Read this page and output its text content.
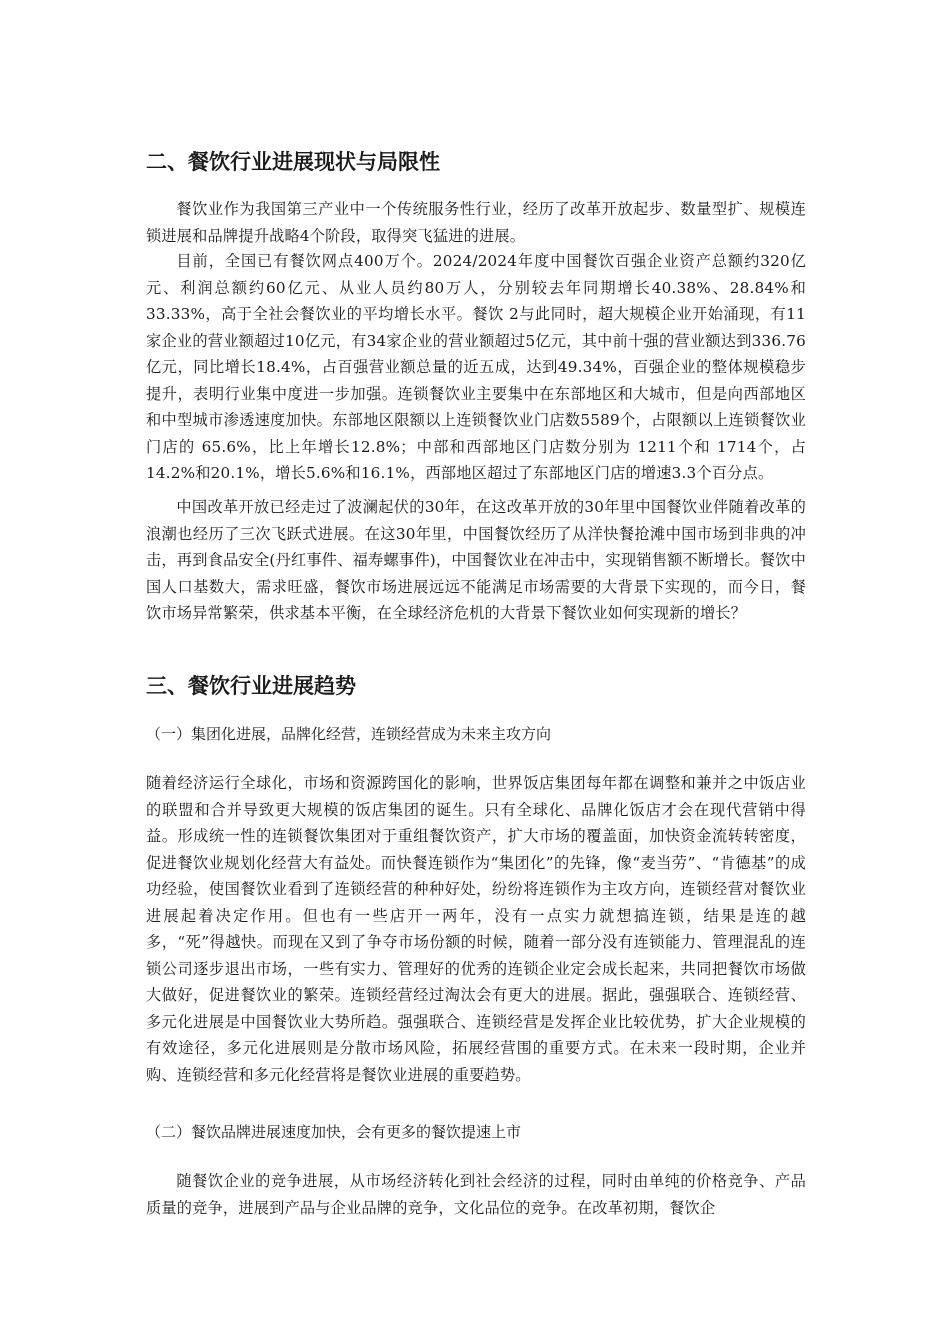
二、餐饮行业进展现状与局限性

餐饮业作为我国第三产业中一个传统服务性行业，经历了改革开放起步、数量型扩、规模连锁进展和品牌提升战略4个阶段，取得突飞猛进的进展。

目前，全国已有餐饮网点400万个。2024/2024年度中国餐饮百强企业资产总额约320亿元、利润总额约60亿元、从业人员约80万人，分别较去年同期增长40.38%、28.84%和33.33%，高于全社会餐饮业的平均增长水平。餐饮 2与此同时，超大规模企业开始涌现，有11家企业的营业额超过10亿元，有34家企业的营业额超过5亿元，其中前十强的营业额达到336.76亿元，同比增长18.4%，占百强营业额总量的近五成，达到49.34%，百强企业的整体规模稳步提升，表明行业集中度进一步加强。连锁餐饮业主要集中在东部地区和大城市，但是向西部地区和中型城市渗透速度加快。东部地区限额以上连锁餐饮业门店数5589个，占限额以上连锁餐饮业门店的 65.6%，比上年增长12.8%；中部和西部地区门店数分别为 1211个和 1714个，占 14.2%和20.1%，增长5.6%和16.1%，西部地区超过了东部地区门店的增速3.3个百分点。

中国改革开放已经走过了波澜起伏的30年，在这改革开放的30年里中国餐饮业伴随着改革的浪潮也经历了三次飞跃式进展。在这30年里，中国餐饮经历了从洋快餐抢滩中国市场到非典的冲击，再到食品安全(丹红事件、福寿螺事件)，中国餐饮业在冲击中，实现销售额不断增长。餐饮中国人口基数大，需求旺盛，餐饮市场进展远远不能满足市场需要的大背景下实现的，而今日，餐饮市场异常繁荣，供求基本平衡，在全球经济危机的大背景下餐饮业如何实现新的增长？

三、餐饮行业进展趋势

（一）集团化进展，品牌化经营，连锁经营成为未来主攻方向

随着经济运行全球化，市场和资源跨国化的影响，世界饭店集团每年都在调整和兼并之中饭店业的联盟和合并导致更大规模的饭店集团的诞生。只有全球化、品牌化饭店才会在现代营销中得益。形成统一性的连锁餐饮集团对于重组餐饮资产，扩大市场的覆盖面，加快资金流转转密度，促进餐饮业规划化经营大有益处。而快餐连锁作为“集团化”的先锋，像“麦当劳”、“肯德基”的成功经验，使国餐饮业看到了连锁经营的种种好处，纷纷将连锁作为主攻方向，连锁经营对餐饮业进展起着决定作用。但也有一些店开一两年，没有一点实力就想搞连锁，结果是连的越多，“死”得越快。而现在又到了争夺市场份额的时候，随着一部分没有连锁能力、管理混乱的连锁公司逐步退出市场，一些有实力、管理好的优秀的连锁企业定会成长起来，共同把餐饮市场做大做好，促进餐饮业的繁荣。连锁经营经过淘汰会有更大的进展。据此，强强联合、连锁经营、多元化进展是中国餐饮业大势所趋。强强联合、连锁经营是发挥企业比较优势，扩大企业规模的有效途径，多元化进展则是分散市场风险，拓展经营围的重要方式。在未来一段时期，企业并购、连锁经营和多元化经营将是餐饮业进展的重要趋势。

（二）餐饮品牌进展速度加快，会有更多的餐饮提速上市

随餐饮企业的竞争进展，从市场经济转化到社会经济的过程，同时由单纯的价格竞争、产品质量的竞争，进展到产品与企业品牌的竞争，文化品位的竞争。在改革初期，餐饮企
